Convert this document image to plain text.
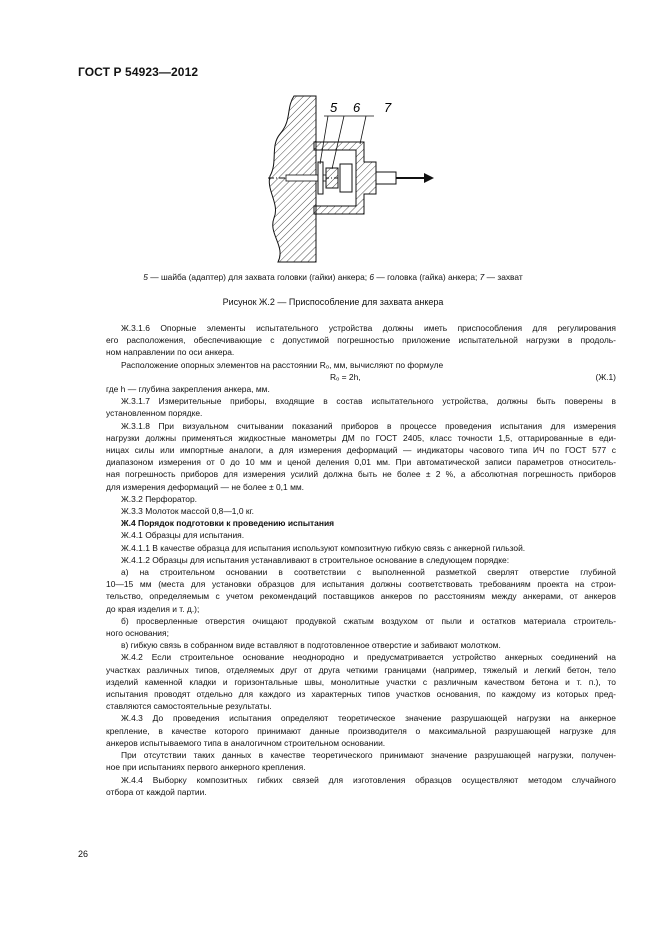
ГОСТ Р 54923—2012
5 6 7
5 — шайба (адаптер) для захвата головки (гайки) анкера; 6 — головка (гайка) анкера; 7 — захват
Рисунок Ж.2 — Приспособление для захвата анкера

Ж.3.1.6 Опорные элементы испытательного устройства должны иметь приспособления для регулирования
его расположения, обеспечивающие с допустимой погрешностью приложение испытательной нагрузки в продоль-
ном направлении по оси анкера.

Расположение опорных элементов на расстоянии Rₒ, мм, вычисляют по формуле

Rₒ = 2h,	(Ж.1)

где h — глубина закрепления анкера, мм.

Ж.3.1.7 Измерительные приборы, входящие в состав испытательного устройства, должны быть поверены в
установленном порядке.

Ж.3.1.8 При визуальном считывании показаний приборов в процессе проведения испытания для измерения
нагрузки должны применяться жидкостные манометры ДМ по ГОСТ 2405, класс точности 1,5, оттарированные в еди-
ницах силы или импортные аналоги, а для измерения деформаций — индикаторы часового типа ИЧ по ГОСТ 577 с
диапазоном измерения от 0 до 10 мм и ценой деления 0,01 мм. При автоматической записи параметров относитель-
ная погрешность приборов для измерения усилий должна быть не более ± 2 %, а абсолютная погрешность приборов
для измерения деформаций — не более ± 0,1 мм.

Ж.3.2 Перфоратор.

Ж.3.3 Молоток массой 0,8—1,0 кг.

Ж.4 Порядок подготовки к проведению испытания

Ж.4.1 Образцы для испытания.

Ж.4.1.1 В качестве образца для испытания используют композитную гибкую связь с анкерной гильзой.

Ж.4.1.2 Образцы для испытания устанавливают в строительное основание в следующем порядке:

а) на строительном основании в соответствии с выполненной разметкой сверлят отверстие глубиной
10—15 мм (места для установки образцов для испытания должны соответствовать требованиям проекта на строи-
тельство, определяемым с учетом рекомендаций поставщиков анкеров по расстояниям между анкерами, от анкеров
до края изделия и т. д.);

б) просверленные отверстия очищают продувкой сжатым воздухом от пыли и остатков материала строитель-
ного основания;

в) гибкую связь в собранном виде вставляют в подготовленное отверстие и забивают молотком.

Ж.4.2 Если строительное основание неоднородно и предусматривается устройство анкерных соединений на
участках различных типов, отделяемых друг от друга четкими границами (например, тяжелый и легкий бетон, тело
изделий каменной кладки и горизонтальные швы, монолитные участки с различным качеством бетона и т. п.), то
испытания проводят отдельно для каждого из характерных типов участков основания, по каждому из которых пред-
ставляются самостоятельные результаты.

Ж.4.3 До проведения испытания определяют теоретическое значение разрушающей нагрузки на анкерное
крепление, в качестве которого принимают данные производителя о максимальной разрушающей нагрузке для
анкеров испытываемого типа в аналогичном строительном основании.

При отсутствии таких данных в качестве теоретического принимают значение разрушающей нагрузки, получен-
ное при испытаниях первого анкерного крепления.

Ж.4.4 Выборку композитных гибких связей для изготовления образцов осуществляют методом случайного
отбора от каждой партии.

26
